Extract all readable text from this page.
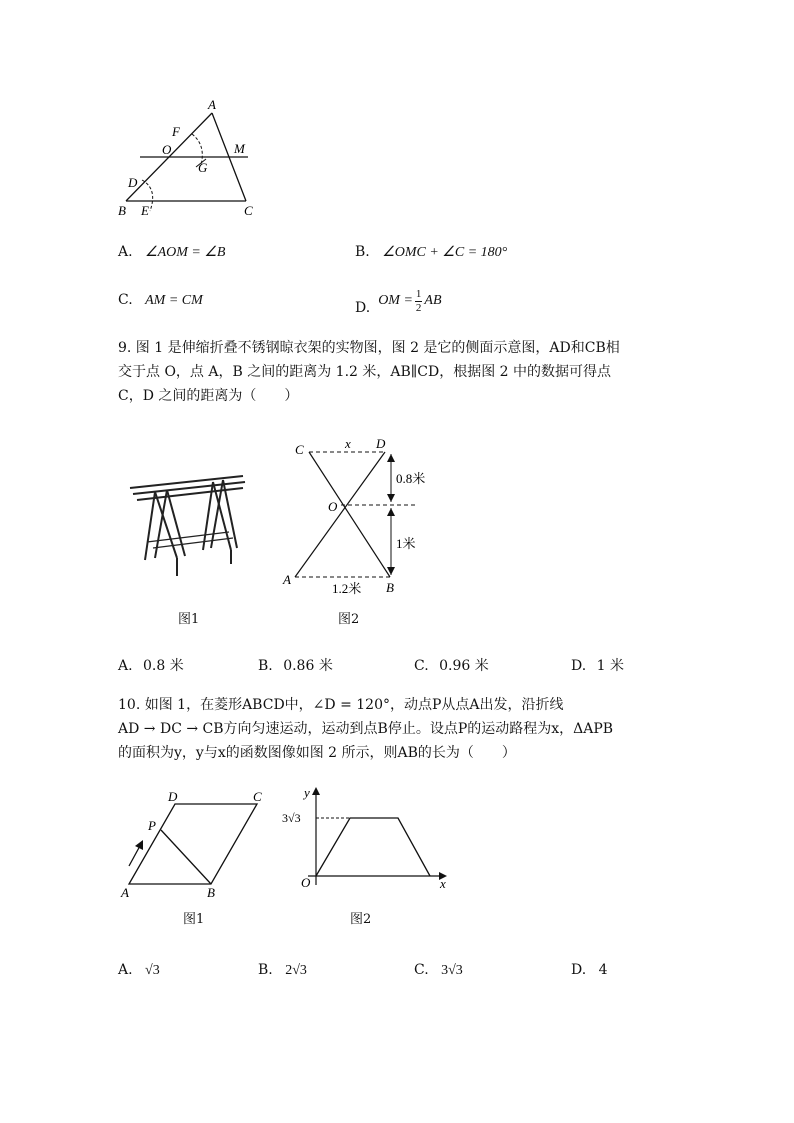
A
F
O
G
M
D
B E	C
A. ∠AOM = ∠B	B. ∠OMC + ∠C = 180°
C. AM = CM	D. OM = $\frac{1}{2}$ AB
9. 图 1 是伸缩折叠不锈钢晾衣架的实物图，图 2 是它的侧面示意图，AD和CB相
交于点 O，点 A，B 之间的距离为 1.2 米，AB∥CD，根据图 2 中的数据可得点
C，D 之间的距离为（　　）
图1
C	x D
O
A
B
0.8米
1米
1.2米
图2
A. 0.8 米	B. 0.86 米	C. 0.96 米	D. 1 米
10. 如图 1，在菱形ABCD中，∠D = 120°，动点P从点A出发，沿折线
AD → DC → CB方向匀速运动，运动到点B停止。设点P的运动路程为x，ΔAPB
的面积为y，y与x的函数图像如图 2 所示，则AB的长为（　　）
D	C
P
A	B
图1
y
x
O
3√3
图2
A. √3	B. 2√3	C. 3√3	D. 4
